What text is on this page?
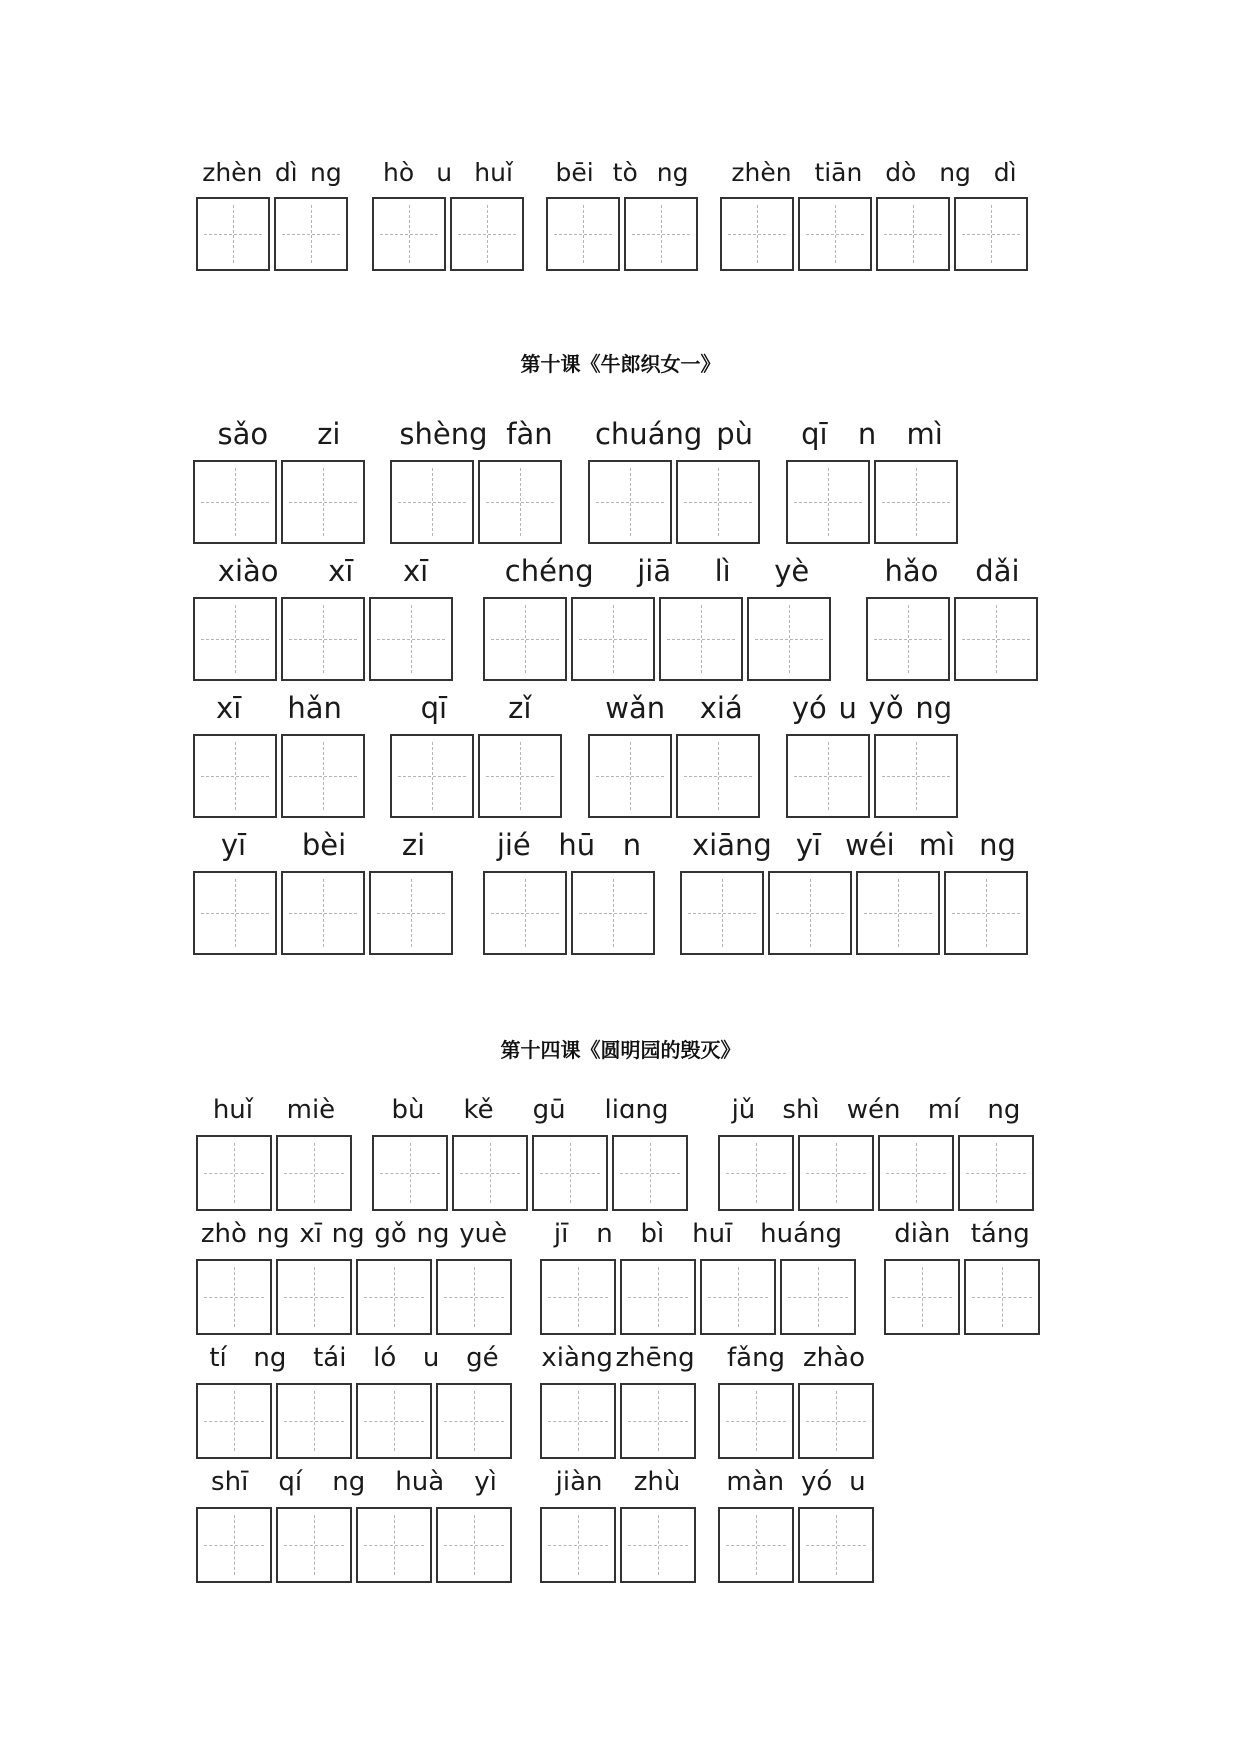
第十课《牛郎织女一》
第十四课《圆明园的毁灭》
zhèn dì ng hò u huǐ bēi tò ng zhèn tiān dò ng dì
sǎo zi shèng fàn chuáng pù qī n mì
xiào xī xī	chéng jiā lì yè	hǎo dǎi
xī hǎn	qī zǐ	wǎn xiá yó u yǒ ng
yī bèi zi jié hū n xiāng yī wéi mì ng
huǐ miè bù kě gū liɑng jǔ shì wén mí ng
zhò ng xī ng gǒ ng yuè jī n bì huī huáng diàn táng
tí ng tái ló u gé xiàng zhēng fǎng zhào
shī qí ng huà yì jiàn zhù màn yó u
